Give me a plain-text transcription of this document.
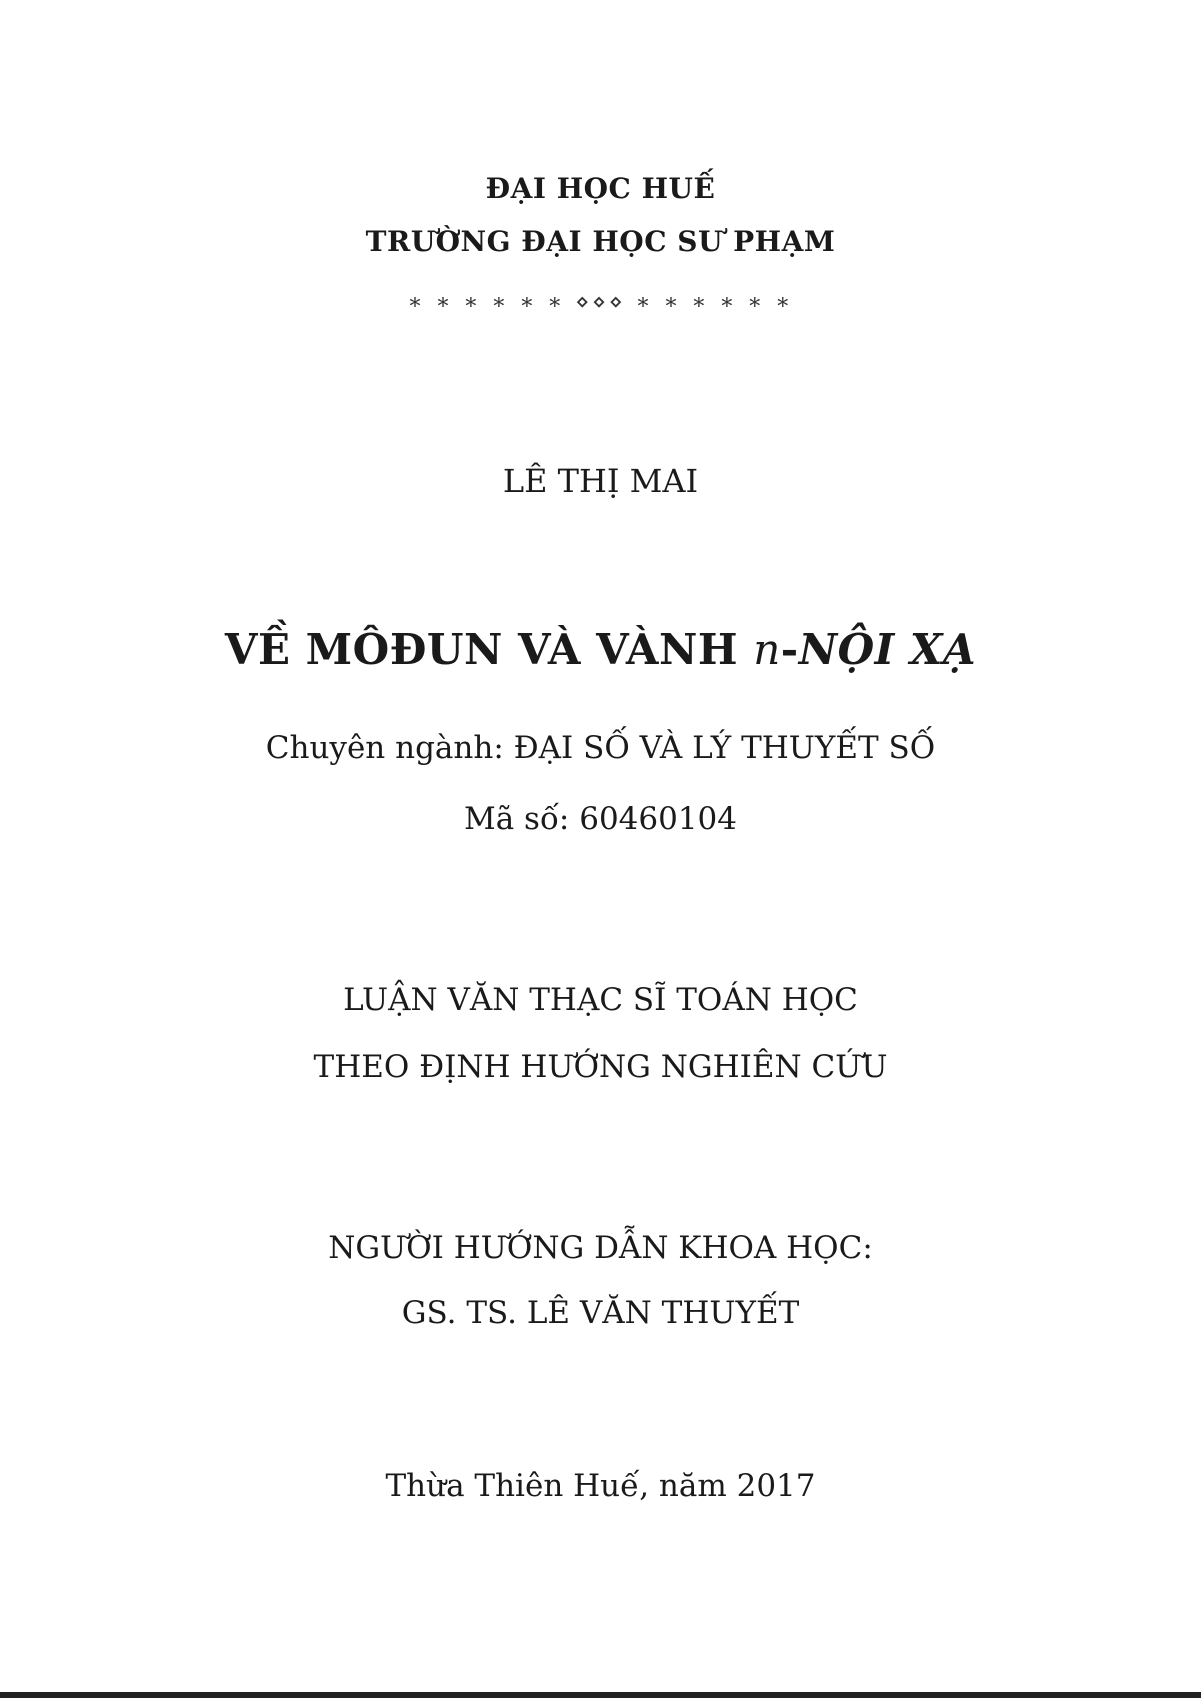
ĐẠI HỌC HUẾ
TRƯỜNG ĐẠI HỌC SƯ PHẠM
∗ ∗ ∗ ∗ ∗ ∗ ⋄⋄⋄ ∗ ∗ ∗ ∗ ∗ ∗
LÊ THỊ MAI
VỀ MÔĐUN VÀ VÀNH n-NỘI XẠ
Chuyên ngành: ĐẠI SỐ VÀ LÝ THUYẾT SỐ
Mã số: 60460104
LUẬN VĂN THẠC SĨ TOÁN HỌC
THEO ĐỊNH HƯỚNG NGHIÊN CỨU
NGƯỜI HƯỚNG DẪN KHOA HỌC:
GS. TS. LÊ VĂN THUYẾT
Thừa Thiên Huế, năm 2017
